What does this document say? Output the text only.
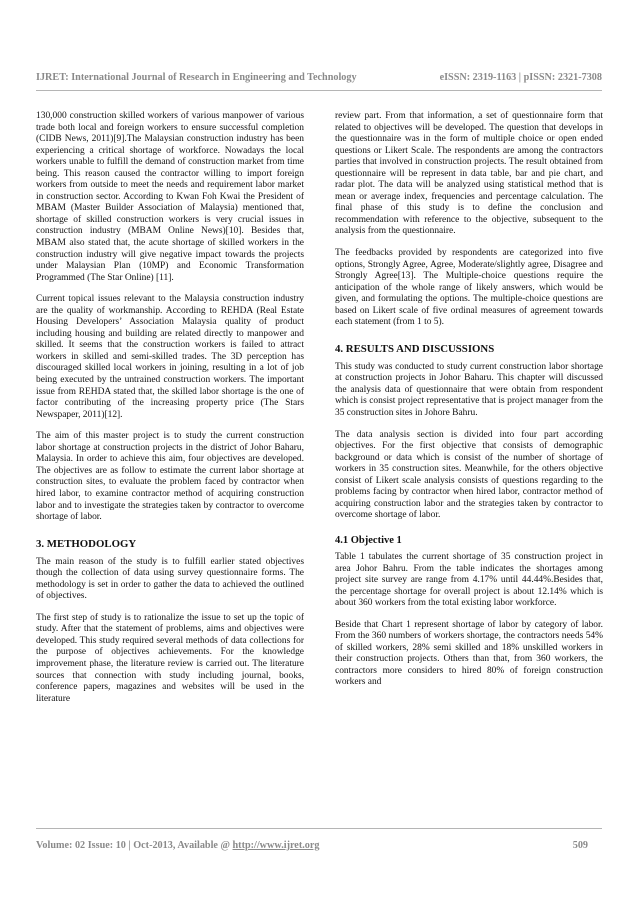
IJRET: International Journal of Research in Engineering and Technology	eISSN: 2319-1163 | pISSN: 2321-7308

130,000 construction skilled workers of various manpower of various trade both local and foreign workers to ensure successful completion (CIDB News, 2011)[9].The Malaysian construction industry has been experiencing a critical shortage of workforce. Nowadays the local workers unable to fulfill the demand of construction market from time being. This reason caused the contractor willing to import foreign workers from outside to meet the needs and requirement labor market in construction sector. According to Kwan Foh Kwai the President of MBAM (Master Builder Association of Malaysia) mentioned that, shortage of skilled construction workers is very crucial issues in construction industry (MBAM Online News)[10]. Besides that, MBAM also stated that, the acute shortage of skilled workers in the construction industry will give negative impact towards the projects under Malaysian Plan (10MP) and Economic Transformation Programmed (The Star Online) [11].

Current topical issues relevant to the Malaysia construction industry are the quality of workmanship. According to REHDA (Real Estate Housing Developers’ Association Malaysia quality of product including housing and building are related directly to manpower and skilled. It seems that the construction workers is failed to attract workers in skilled and semi-skilled trades. The 3D perception has discouraged skilled local workers in joining, resulting in a lot of job being executed by the untrained construction workers. The important issue from REHDA stated that, the skilled labor shortage is the one of factor contributing of the increasing property price (The Stars Newspaper, 2011)[12].

The aim of this master project is to study the current construction labor shortage at construction projects in the district of Johor Baharu, Malaysia. In order to achieve this aim, four objectives are developed. The objectives are as follow to estimate the current labor shortage at construction sites, to evaluate the problem faced by contractor when hired labor, to examine contractor method of acquiring construction labor and to investigate the strategies taken by contractor to overcome shortage of labor.

3. METHODOLOGY

The main reason of the study is to fulfill earlier stated objectives though the collection of data using survey questionnaire forms. The methodology is set in order to gather the data to achieved the outlined of objectives.

The first step of study is to rationalize the issue to set up the topic of study. After that the statement of problems, aims and objectives were developed. This study required several methods of data collections for the purpose of objectives achievements. For the knowledge improvement phase, the literature review is carried out. The literature sources that connection with study including journal, books, conference papers, magazines and websites will be used in the literature

review part. From that information, a set of questionnaire form that related to objectives will be developed. The question that develops in the questionnaire was in the form of multiple choice or open ended questions or Likert Scale. The respondents are among the contractors parties that involved in construction projects. The result obtained from questionnaire will be represent in data table, bar and pie chart, and radar plot. The data will be analyzed using statistical method that is mean or average index, frequencies and percentage calculation. The final phase of this study is to define the conclusion and recommendation with reference to the objective, subsequent to the analysis from the questionnaire.

The feedbacks provided by respondents are categorized into five options, Strongly Agree, Agree, Moderate/slightly agree, Disagree and Strongly Agree[13]. The Multiple-choice questions require the anticipation of the whole range of likely answers, which would be given, and formulating the options. The multiple-choice questions are based on Likert scale of five ordinal measures of agreement towards each statement (from 1 to 5).

4. RESULTS AND DISCUSSIONS

This study was conducted to study current construction labor shortage at construction projects in Johor Baharu. This chapter will discussed the analysis data of questionnaire that were obtain from respondent which is consist project representative that is project manager from the 35 construction sites in Johore Bahru.

The data analysis section is divided into four part according objectives. For the first objective that consists of demographic background or data which is consist of the number of shortage of workers in 35 construction sites. Meanwhile, for the others objective consist of Likert scale analysis consists of questions regarding to the problems facing by contractor when hired labor, contractor method of acquiring construction labor and the strategies taken by contractor to overcome shortage of labor.

4.1 Objective 1

Table 1 tabulates the current shortage of 35 construction project in area Johor Bahru. From the table indicates the shortages among project site survey are range from 4.17% until 44.44%.Besides that, the percentage shortage for overall project is about 12.14% which is about 360 workers from the total existing labor workforce.

Beside that Chart 1 represent shortage of labor by category of labor. From the 360 numbers of workers shortage, the contractors needs 54% of skilled workers, 28% semi skilled and 18% unskilled workers in their construction projects. Others than that, from 360 workers, the contractors more considers to hired 80% of foreign construction workers and

Volume: 02 Issue: 10 | Oct-2013, Available @ http://www.ijret.org	509
